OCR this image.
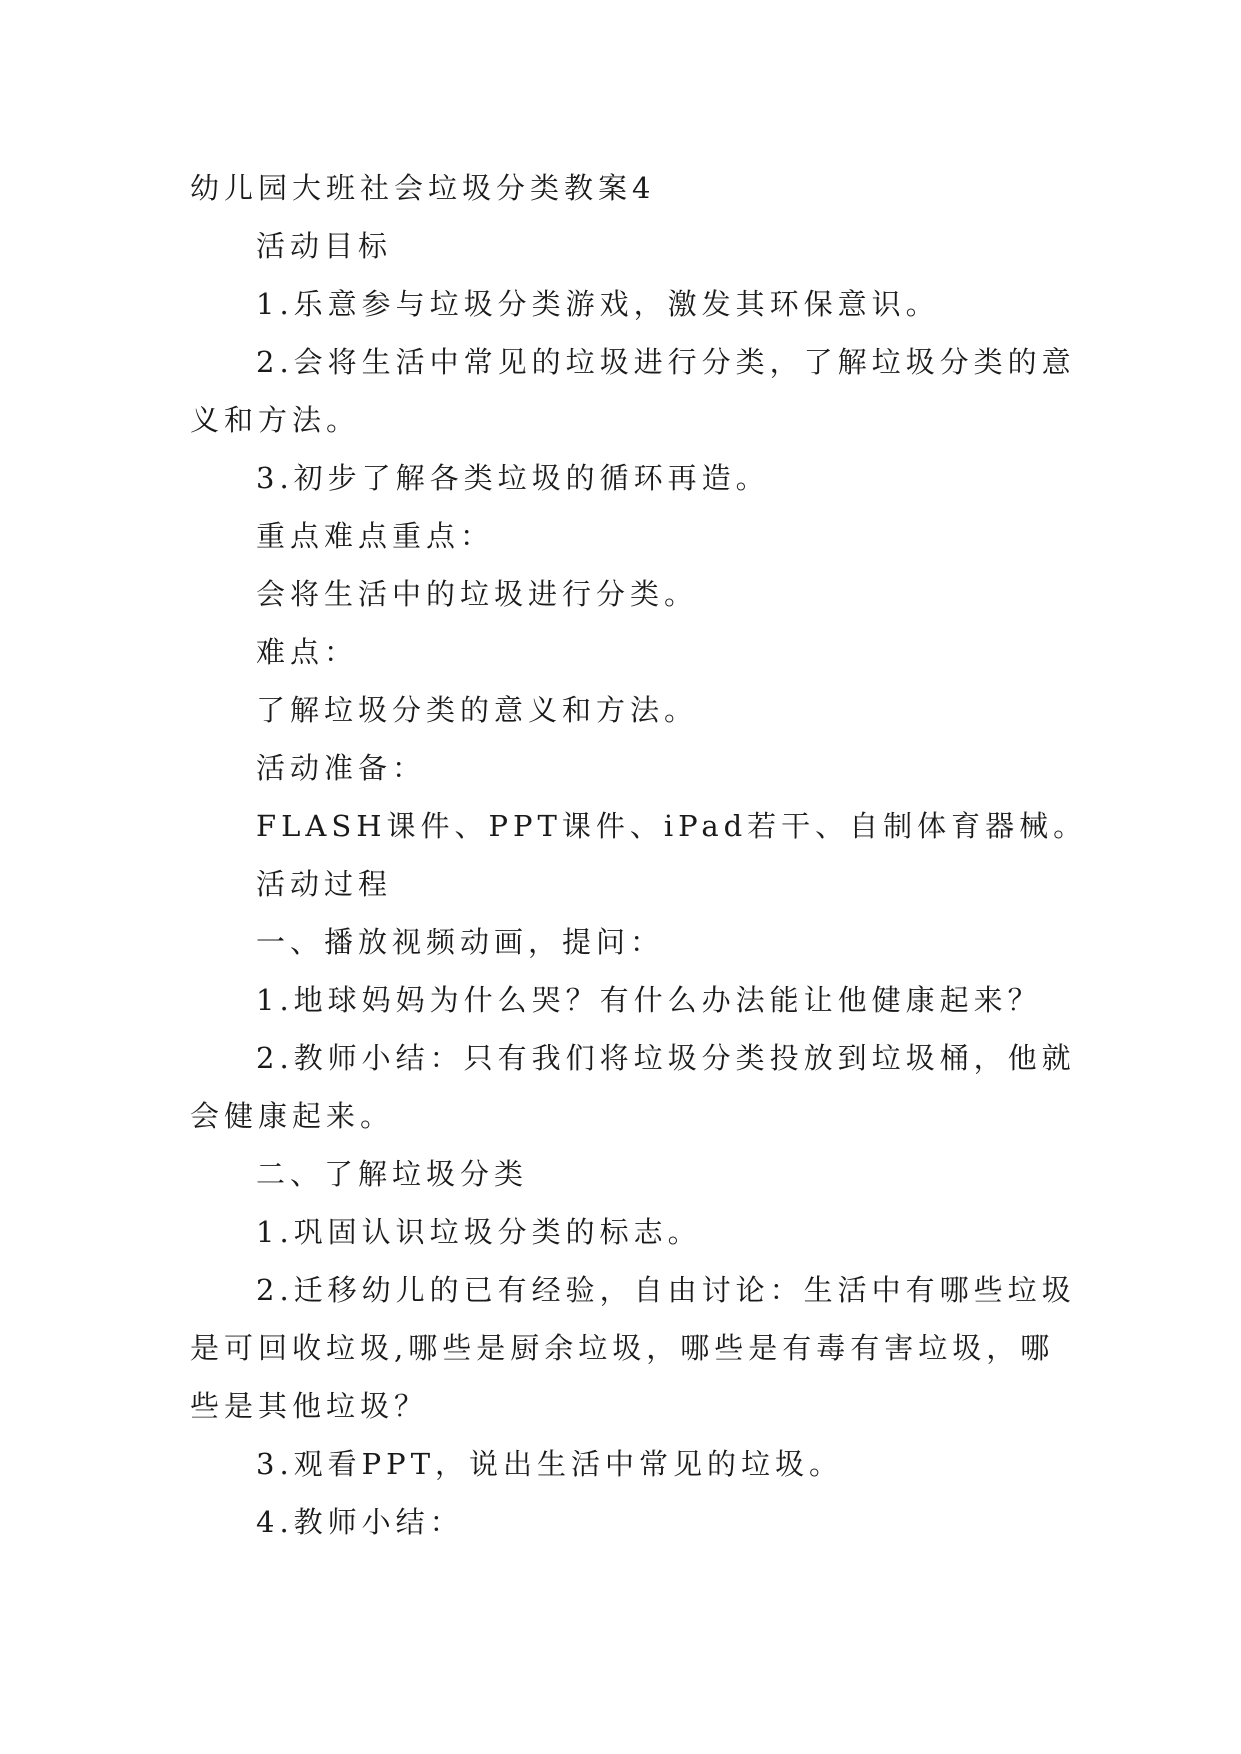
幼儿园大班社会垃圾分类教案4
活动目标
1.乐意参与垃圾分类游戏，激发其环保意识。
2.会将生活中常见的垃圾进行分类，了解垃圾分类的意
义和方法。
3.初步了解各类垃圾的循环再造。
重点难点重点：
会将生活中的垃圾进行分类。
难点：
了解垃圾分类的意义和方法。
活动准备：
FLASH课件、PPT课件、iPad若干、自制体育器械。
活动过程
一、播放视频动画，提问：
1.地球妈妈为什么哭？有什么办法能让他健康起来？
2.教师小结：只有我们将垃圾分类投放到垃圾桶，他就
会健康起来。
二、了解垃圾分类
1.巩固认识垃圾分类的标志。
2.迁移幼儿的已有经验，自由讨论：生活中有哪些垃圾
是可回收垃圾,哪些是厨余垃圾，哪些是有毒有害垃圾，哪
些是其他垃圾？
3.观看PPT，说出生活中常见的垃圾。
4.教师小结：
